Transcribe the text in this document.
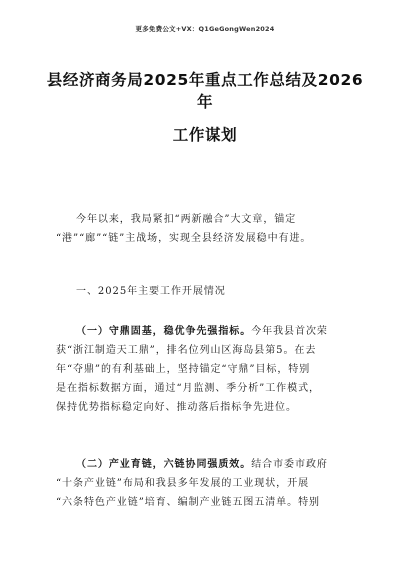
更多免费公文+VX：Q1GeGongWen2024
县经济商务局2025年重点工作总结及2026年
工作谋划
今年以来，我局紧扣“两新融合”大文章，锚定
“港”“廊”“链”主战场，实现全县经济发展稳中有进。
一、2025年主要工作开展情况
（一）守鼎固基，稳优争先强指标。今年我县首次荣
获“浙江制造天工鼎”，排名位列山区海岛县第5。在去
年“夺鼎”的有利基础上，坚持锚定“守鼎”目标，特别
是在指标数据方面，通过“月监测、季分析”工作模式，
保持优势指标稳定向好、推动落后指标争先进位。
（二）产业育链，六链协同强质效。结合市委市政府
“十条产业链”布局和我县多年发展的工业现状，开展
“六条特色产业链”培育、编制产业链五图五清单。特别
